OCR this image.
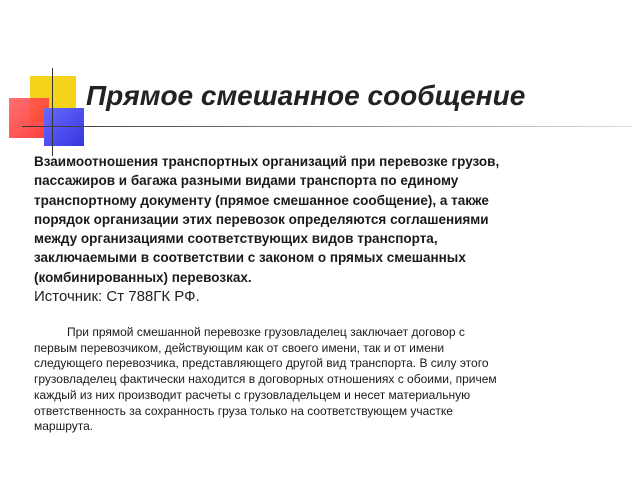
Прямое смешанное сообщение

Взаимоотношения транспортных организаций при перевозке грузов,
пассажиров и багажа разными видами транспорта по единому
транспортному документу (прямое смешанное сообщение), а также
порядок организации этих перевозок определяются соглашениями
между организациями соответствующих видов транспорта,
заключаемыми в соответствии с законом о прямых смешанных
(комбинированных) перевозках.

Источник: Ст 788ГК РФ.

При прямой смешанной перевозке грузовладелец заключает договор с
первым перевозчиком, действующим как от своего имени, так и от имени
следующего перевозчика, представляющего другой вид транспорта. В силу этого
грузовладелец фактически находится в договорных отношениях с обоими, причем
каждый из них производит расчеты с грузовладельцем и несет материальную
ответственность за сохранность груза только на соответствующем участке
маршрута.
